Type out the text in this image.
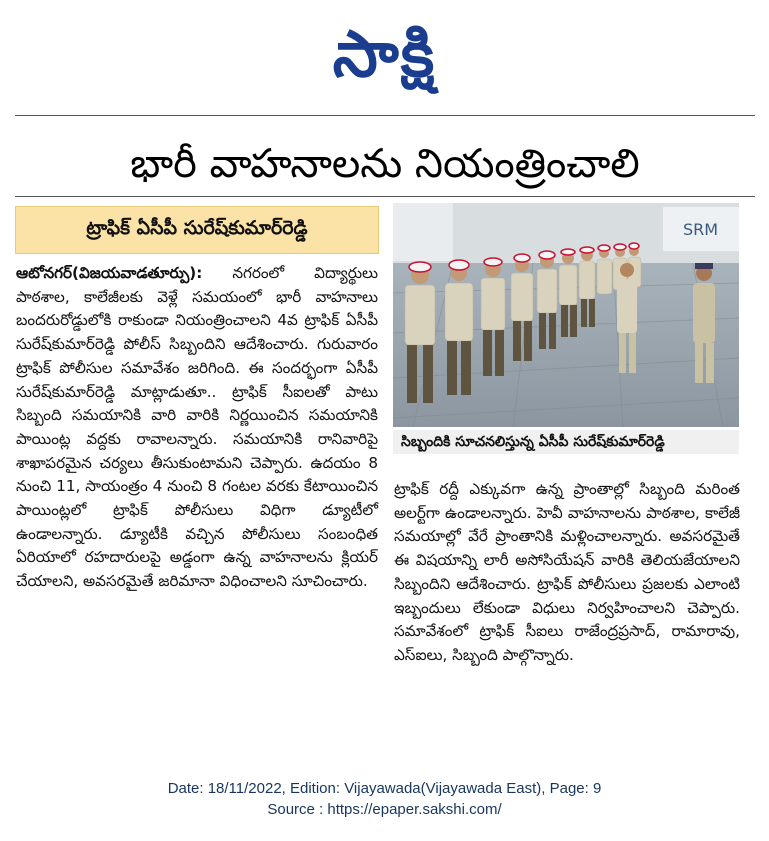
సాక్షి
భారీ వాహనాలను నియంత్రించాలి
ట్రాఫిక్ ఏసీపీ సురేష్‌కుమార్‌రెడ్డి

ఆటోనగర్(విజయవాడతూర్పు): నగరంలో విద్యార్థులు పాఠశాల, కాలేజీలకు వెళ్లే సమయంలో భారీ వాహనాలు బందరురోడ్డులోకి రాకుండా నియంత్రించాలని 4వ ట్రాఫిక్ ఏసీపీ సురేష్‌కుమార్‌రెడ్డి పోలీస్ సిబ్బందిని ఆదేశించారు. గురువారం ట్రాఫిక్ పోలీసుల సమావేశం జరిగింది. ఈ సందర్భంగా ఏసీపీ సురేష్‌కుమార్‌రెడ్డి మాట్లాడుతూ.. ట్రాఫిక్ సీఐలతో పాటు సిబ్బంది సమయానికి వారి వారికి నిర్ణయించిన సమయానికి పాయింట్ల వద్దకు రావాలన్నారు. సమయానికి రానివారిపై శాఖాపరమైన చర్యలు తీసుకుంటామని చెప్పారు. ఉదయం 8 నుంచి 11, సాయంత్రం 4 నుంచి 8 గంటల వరకు కేటాయించిన పాయింట్లలో ట్రాఫిక్ పోలీసులు విధిగా డ్యూటీలో ఉండాలన్నారు. డ్యూటీకి వచ్చిన పోలీసులు సంబంధిత ఏరియాలో రహదారులపై అడ్డంగా ఉన్న వాహనాలను క్లియర్ చేయాలని, అవసరమైతే జరిమానా విధించాలని సూచించారు.

SRM
సిబ్బందికి సూచనలిస్తున్న ఏసీపీ సురేష్‌కుమార్‌రెడ్డి

ట్రాఫిక్ రద్దీ ఎక్కువగా ఉన్న ప్రాంతాల్లో సిబ్బంది మరింత అలర్ట్‌గా ఉండాలన్నారు. హెవీ వాహనాలను పాఠశాల, కాలేజీ సమయాల్లో వేరే ప్రాంతానికి మళ్లించాలన్నారు. అవసరమైతే ఈ విషయాన్ని లారీ అసోసియేషన్ వారికి తెలియజేయాలని సిబ్బందిని ఆదేశించారు. ట్రాఫిక్ పోలీసులు ప్రజలకు ఎలాంటి ఇబ్బందులు లేకుండా విధులు నిర్వహించాలని చెప్పారు. సమావేశంలో ట్రాఫిక్ సీఐలు రాజేంద్రప్రసాద్, రామారావు, ఎస్ఐలు, సిబ్బంది పాల్గొన్నారు.

Date: 18/11/2022, Edition: Vijayawada(Vijayawada East), Page: 9
Source : https://epaper.sakshi.com/
